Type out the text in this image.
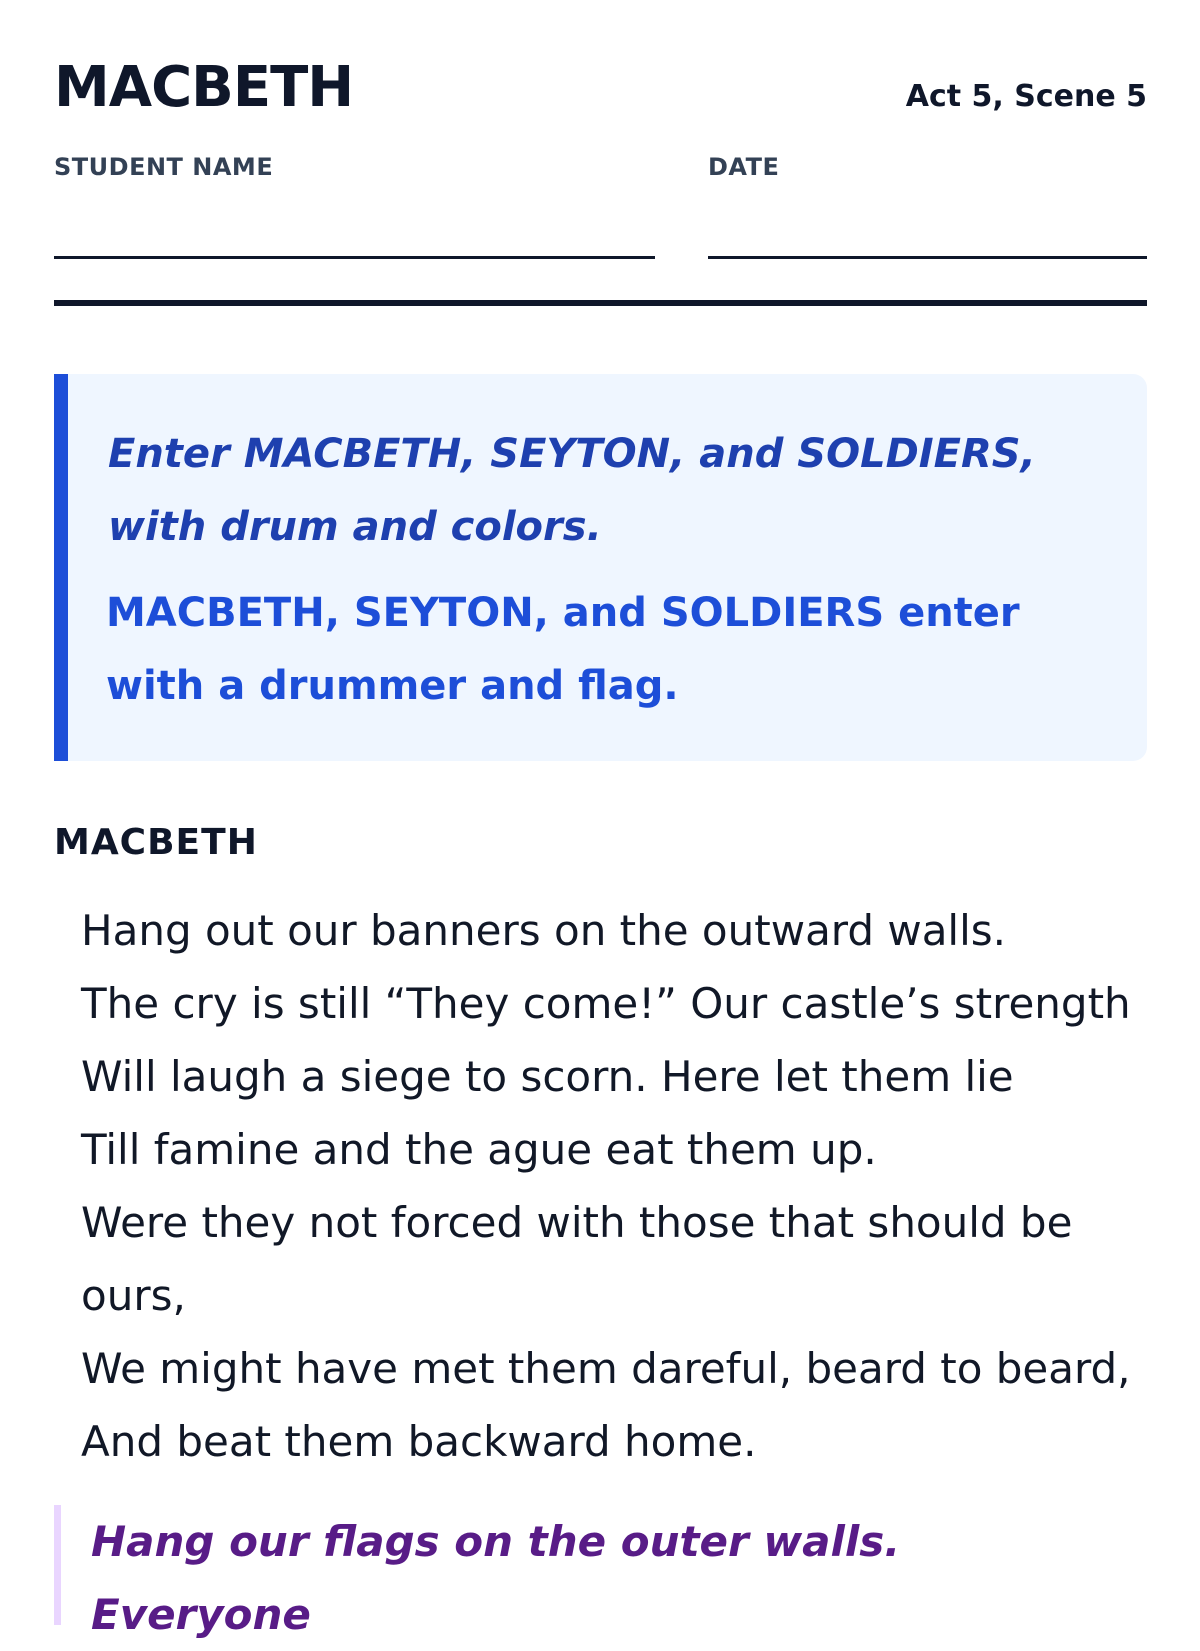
MACBETH	Act 5, Scene 5
STUDENT NAME	DATE
Enter MACBETH, SEYTON, and SOLDIERS, with drum and colors.
MACBETH, SEYTON, and SOLDIERS enter with a drummer and flag.
MACBETH
Hang out our banners on the outward walls.
The cry is still “They come!” Our castle’s strength
Will laugh a siege to scorn. Here let them lie
Till famine and the ague eat them up.
Were they not forced with those that should be ours,
We might have met them dareful, beard to beard,
And beat them backward home.
Hang our flags on the outer walls. Everyone
